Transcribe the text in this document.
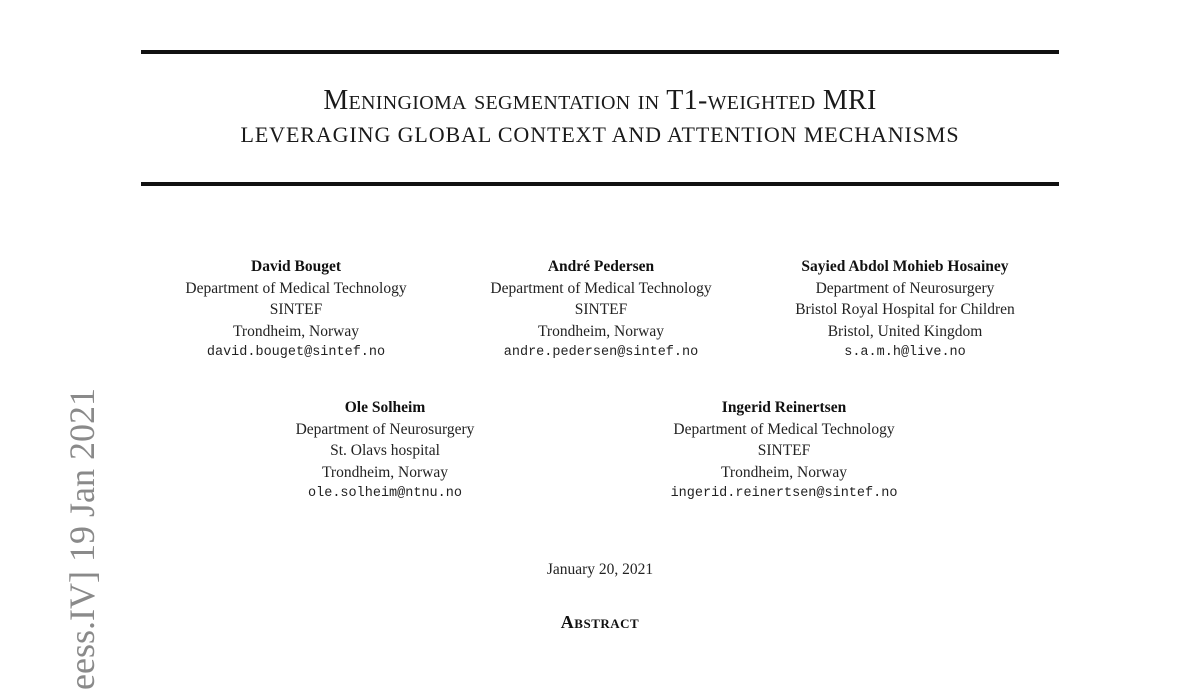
Meningioma segmentation in T1-weighted MRI
LEVERAGING GLOBAL CONTEXT AND ATTENTION MECHANISMS
David Bouget
Department of Medical Technology
SINTEF
Trondheim, Norway
david.bouget@sintef.no
André Pedersen
Department of Medical Technology
SINTEF
Trondheim, Norway
andre.pedersen@sintef.no
Sayied Abdol Mohieb Hosainey
Department of Neurosurgery
Bristol Royal Hospital for Children
Bristol, United Kingdom
s.a.m.h@live.no
Ole Solheim
Department of Neurosurgery
St. Olavs hospital
Trondheim, Norway
ole.solheim@ntnu.no
Ingerid Reinertsen
Department of Medical Technology
SINTEF
Trondheim, Norway
ingerid.reinertsen@sintef.no
January 20, 2021
Abstract
eess.IV] 19 Jan 2021
